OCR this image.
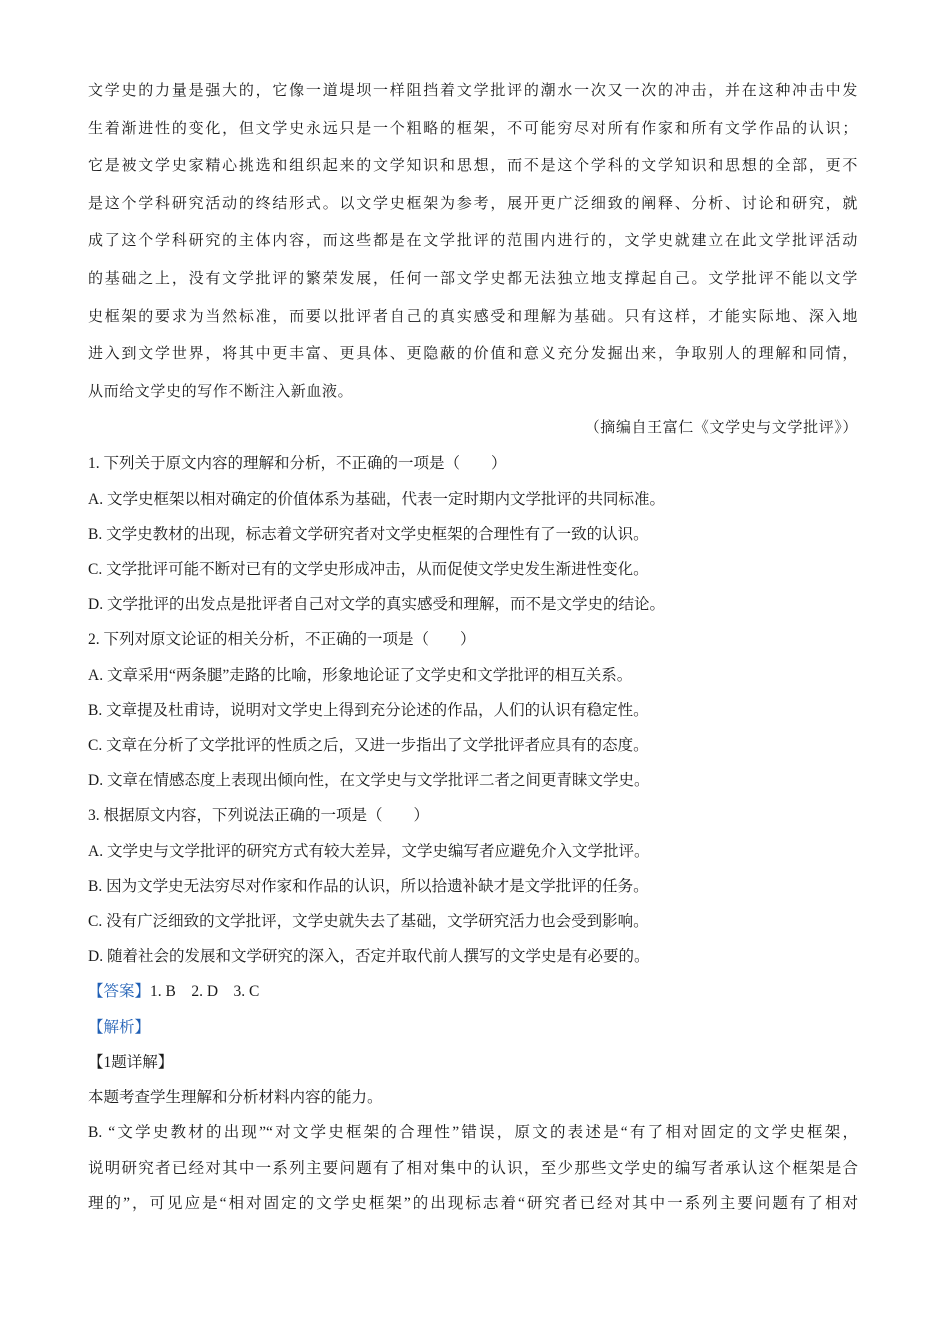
文学史的力量是强大的，它像一道堤坝一样阻挡着文学批评的潮水一次又一次的冲击，并在这种冲击中发

生着渐进性的变化，但文学史永远只是一个粗略的框架，不可能穷尽对所有作家和所有文学作品的认识；

它是被文学史家精心挑选和组织起来的文学知识和思想，而不是这个学科的文学知识和思想的全部，更不

是这个学科研究活动的终结形式。以文学史框架为参考，展开更广泛细致的阐释、分析、讨论和研究，就

成了这个学科研究的主体内容，而这些都是在文学批评的范围内进行的，文学史就建立在此文学批评活动

的基础之上，没有文学批评的繁荣发展，任何一部文学史都无法独立地支撑起自己。文学批评不能以文学

史框架的要求为当然标准，而要以批评者自己的真实感受和理解为基础。只有这样，才能实际地、深入地

进入到文学世界，将其中更丰富、更具体、更隐蔽的价值和意义充分发掘出来，争取别人的理解和同情，

从而给文学史的写作不断注入新血液。

（摘编自王富仁《文学史与文学批评》）

1. 下列关于原文内容的理解和分析，不正确的一项是（　　）

A. 文学史框架以相对确定的价值体系为基础，代表一定时期内文学批评的共同标准。

B. 文学史教材的出现，标志着文学研究者对文学史框架的合理性有了一致的认识。

C. 文学批评可能不断对已有的文学史形成冲击，从而促使文学史发生渐进性变化。

D. 文学批评的出发点是批评者自己对文学的真实感受和理解，而不是文学史的结论。

2. 下列对原文论证的相关分析，不正确的一项是（　　）

A. 文章采用“两条腿”走路的比喻，形象地论证了文学史和文学批评的相互关系。

B. 文章提及杜甫诗，说明对文学史上得到充分论述的作品，人们的认识有稳定性。

C. 文章在分析了文学批评的性质之后，又进一步指出了文学批评者应具有的态度。

D. 文章在情感态度上表现出倾向性，在文学史与文学批评二者之间更青睐文学史。

3. 根据原文内容，下列说法正确的一项是（　　）

A. 文学史与文学批评的研究方式有较大差异，文学史编写者应避免介入文学批评。

B. 因为文学史无法穷尽对作家和作品的认识，所以拾遗补缺才是文学批评的任务。

C. 没有广泛细致的文学批评，文学史就失去了基础，文学研究活力也会受到影响。

D. 随着社会的发展和文学研究的深入，否定并取代前人撰写的文学史是有必要的。

【答案】1. B　2. D　3. C

【解析】

【1题详解】

本题考查学生理解和分析材料内容的能力。

B. “文学史教材的出现”“对文学史框架的合理性”错误，原文的表述是“有了相对固定的文学史框架，

说明研究者已经对其中一系列主要问题有了相对集中的认识，至少那些文学史的编写者承认这个框架是合

理的”，可见应是“相对固定的文学史框架”的出现标志着“研究者已经对其中一系列主要问题有了相对
